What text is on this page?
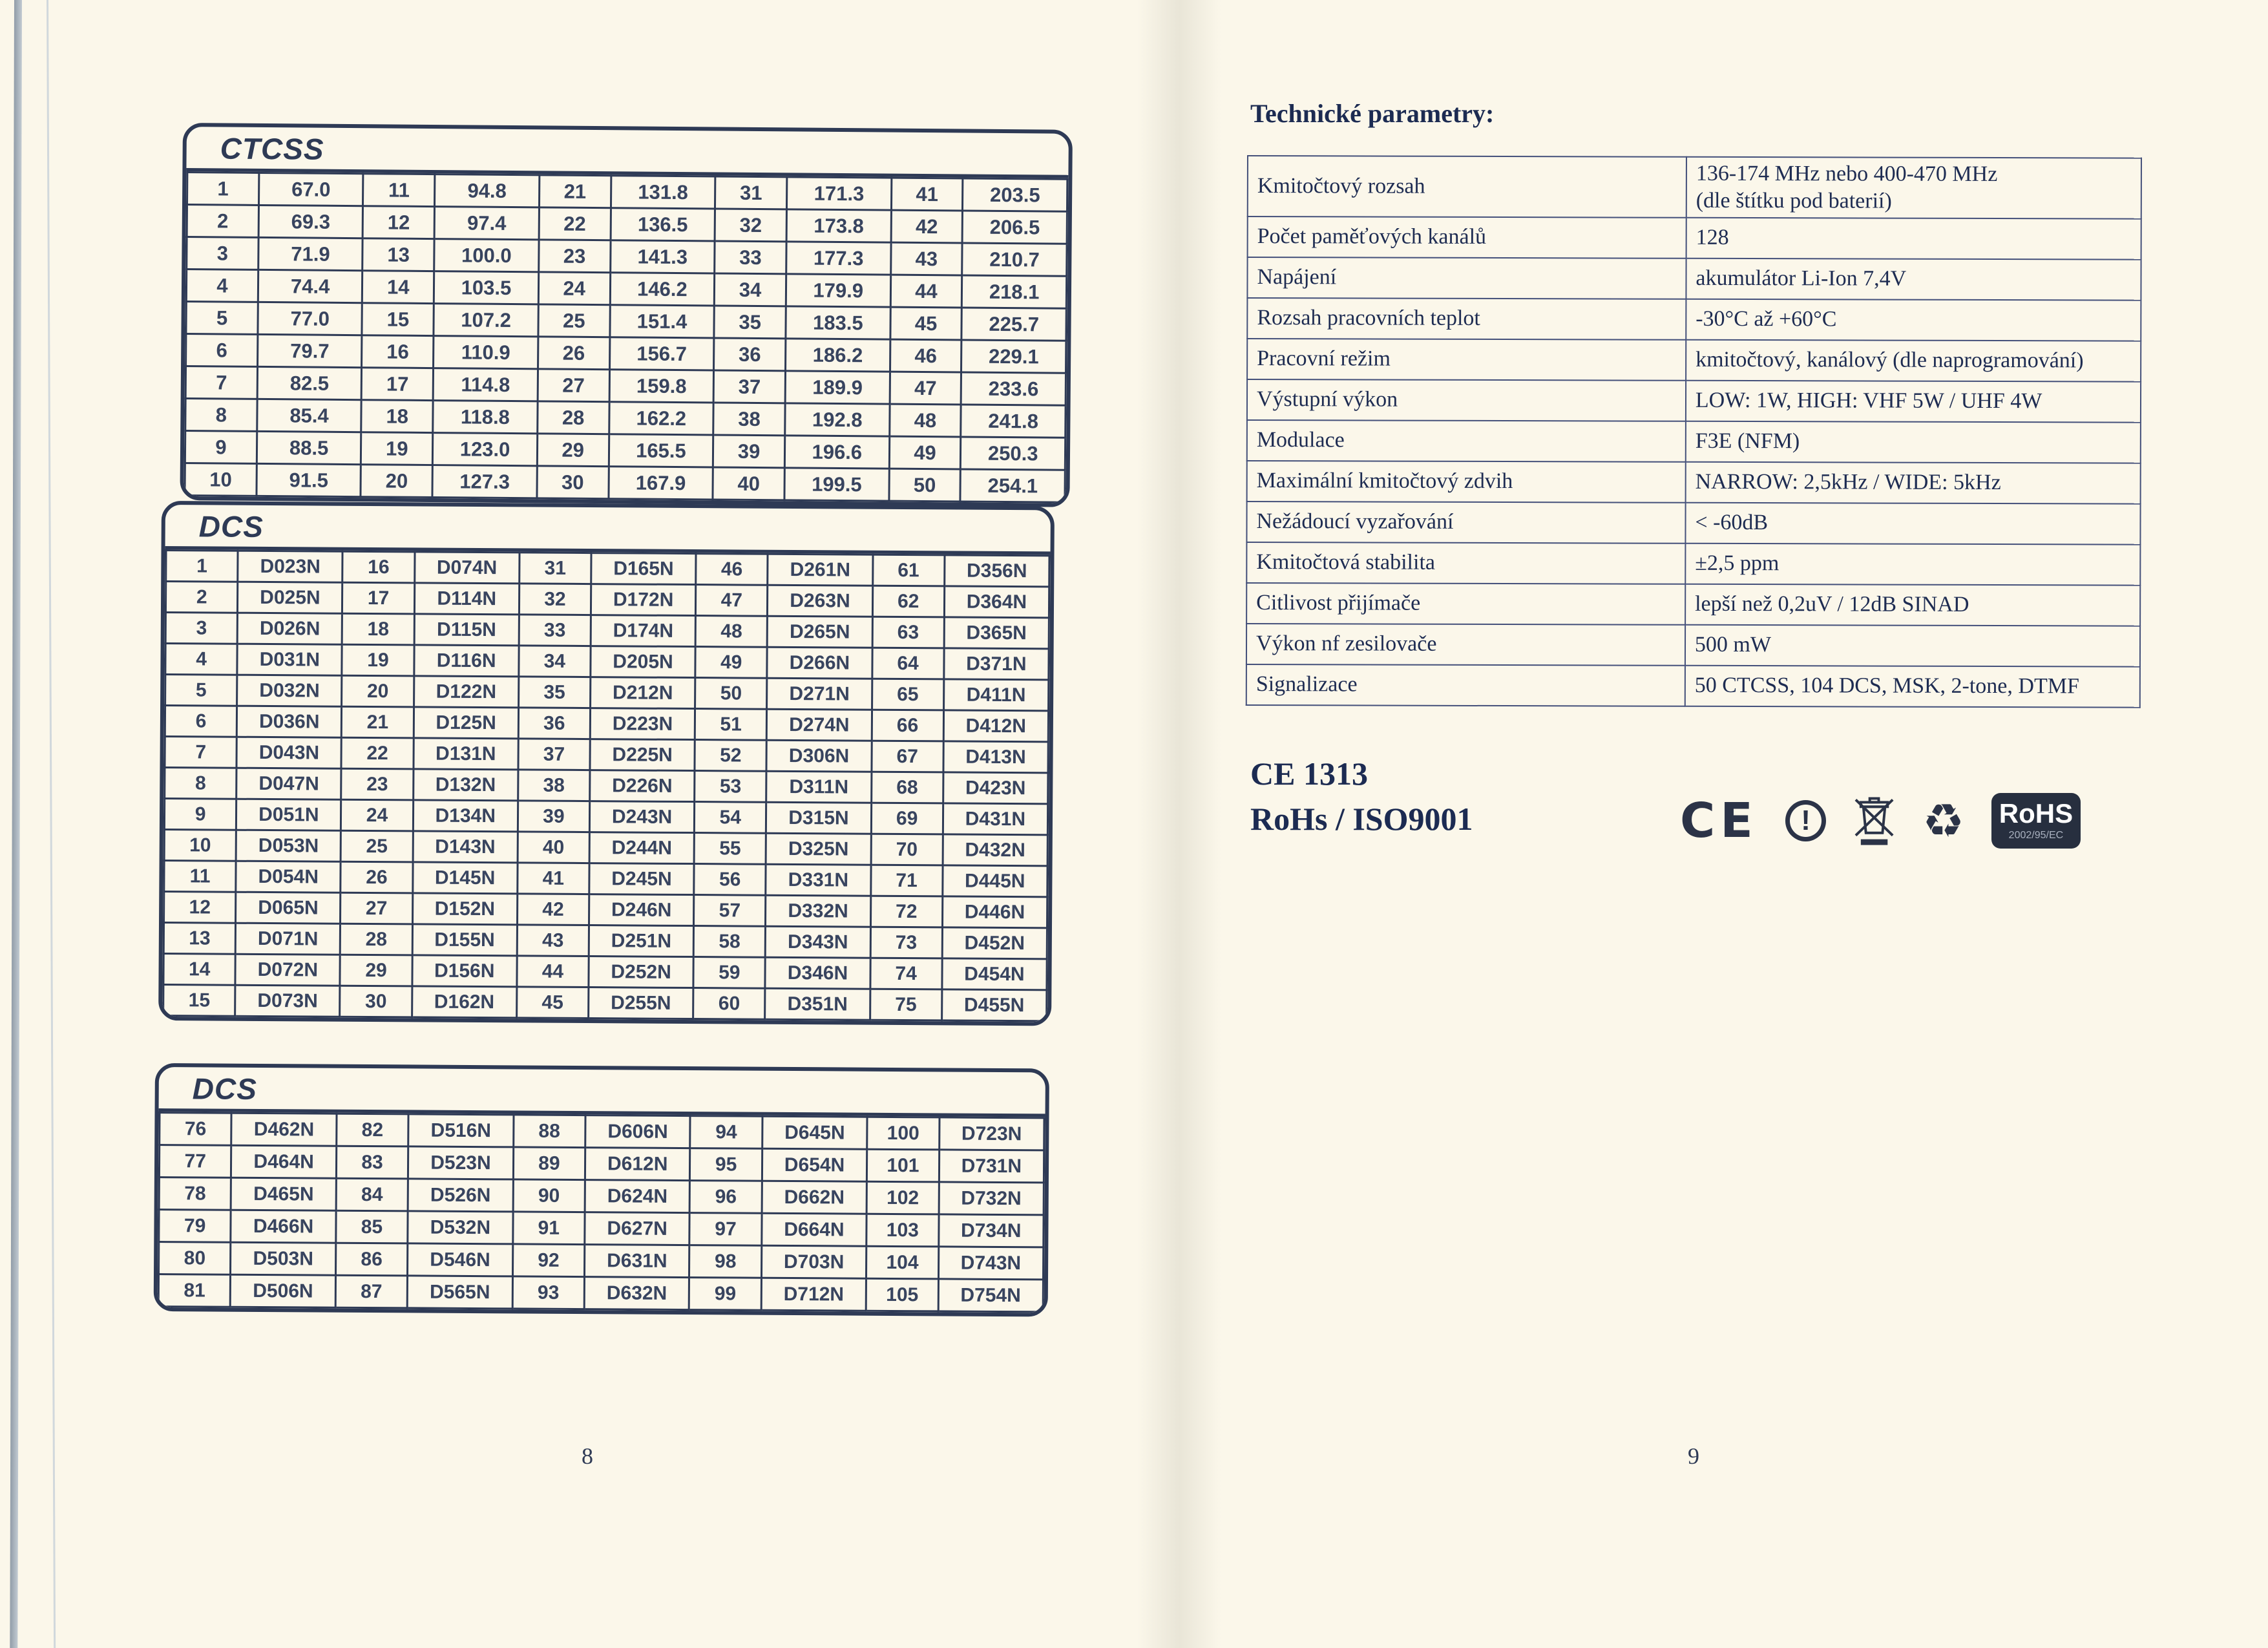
CTCSS
1	67.0	11	94.8	21	131.8	31	171.3	41	203.5
2	69.3	12	97.4	22	136.5	32	173.8	42	206.5
3	71.9	13	100.0	23	141.3	33	177.3	43	210.7
4	74.4	14	103.5	24	146.2	34	179.9	44	218.1
5	77.0	15	107.2	25	151.4	35	183.5	45	225.7
6	79.7	16	110.9	26	156.7	36	186.2	46	229.1
7	82.5	17	114.8	27	159.8	37	189.9	47	233.6
8	85.4	18	118.8	28	162.2	38	192.8	48	241.8
9	88.5	19	123.0	29	165.5	39	196.6	49	250.3
10	91.5	20	127.3	30	167.9	40	199.5	50	254.1
DCS
1	D023N	16	D074N	31	D165N	46	D261N	61	D356N
2	D025N	17	D114N	32	D172N	47	D263N	62	D364N
3	D026N	18	D115N	33	D174N	48	D265N	63	D365N
4	D031N	19	D116N	34	D205N	49	D266N	64	D371N
5	D032N	20	D122N	35	D212N	50	D271N	65	D411N
6	D036N	21	D125N	36	D223N	51	D274N	66	D412N
7	D043N	22	D131N	37	D225N	52	D306N	67	D413N
8	D047N	23	D132N	38	D226N	53	D311N	68	D423N
9	D051N	24	D134N	39	D243N	54	D315N	69	D431N
10	D053N	25	D143N	40	D244N	55	D325N	70	D432N
11	D054N	26	D145N	41	D245N	56	D331N	71	D445N
12	D065N	27	D152N	42	D246N	57	D332N	72	D446N
13	D071N	28	D155N	43	D251N	58	D343N	73	D452N
14	D072N	29	D156N	44	D252N	59	D346N	74	D454N
15	D073N	30	D162N	45	D255N	60	D351N	75	D455N
DCS
76	D462N	82	D516N	88	D606N	94	D645N	100	D723N
77	D464N	83	D523N	89	D612N	95	D654N	101	D731N
78	D465N	84	D526N	90	D624N	96	D662N	102	D732N
79	D466N	85	D532N	91	D627N	97	D664N	103	D734N
80	D503N	86	D546N	92	D631N	98	D703N	104	D743N
81	D506N	87	D565N	93	D632N	99	D712N	105	D754N
8
Technické parametry:
Kmitočtový rozsah	136-174 MHz nebo 400-470 MHz
(dle štítku pod baterií)
Počet paměťových kanálů	128
Napájení	akumulátor Li-Ion 7,4V
Rozsah pracovních teplot	-30°C až +60°C
Pracovní režim	kmitočtový, kanálový (dle naprogramování)
Výstupní výkon	LOW: 1W, HIGH: VHF 5W / UHF 4W
Modulace	F3E (NFM)
Maximální kmitočtový zdvih	NARROW: 2,5kHz / WIDE: 5kHz
Nežádoucí vyzařování	< -60dB
Kmitočtová stabilita	±2,5 ppm
Citlivost přijímače	lepší než 0,2uV / 12dB SINAD
Výkon nf zesilovače	500 mW
Signalizace	50 CTCSS, 104 DCS, MSK, 2-tone, DTMF
CE 1313
RoHs / ISO9001	CE ! ♻ RoHS
2002/95/EC
9
